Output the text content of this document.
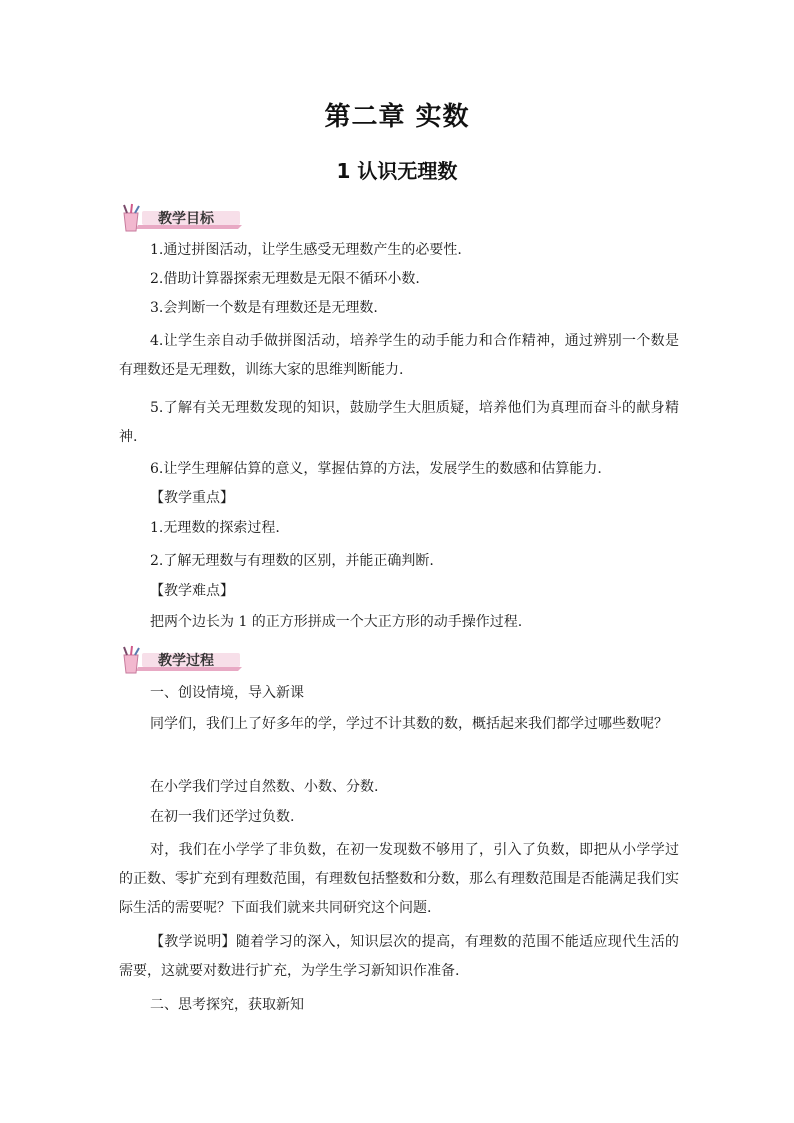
第二章 实数
1 认识无理数
教学目标
1.通过拼图活动，让学生感受无理数产生的必要性.
2.借助计算器探索无理数是无限不循环小数.
3.会判断一个数是有理数还是无理数.
4.让学生亲自动手做拼图活动，培养学生的动手能力和合作精神，通过辨别一个数是有理数还是无理数，训练大家的思维判断能力.
5.了解有关无理数发现的知识，鼓励学生大胆质疑，培养他们为真理而奋斗的献身精神.
6.让学生理解估算的意义，掌握估算的方法，发展学生的数感和估算能力.
【教学重点】
1.无理数的探索过程.
2.了解无理数与有理数的区别，并能正确判断.
【教学难点】
把两个边长为 1 的正方形拼成一个大正方形的动手操作过程.
教学过程
一、创设情境，导入新课
同学们，我们上了好多年的学，学过不计其数的数，概括起来我们都学过哪些数呢？
在小学我们学过自然数、小数、分数.
在初一我们还学过负数.
对，我们在小学学了非负数，在初一发现数不够用了，引入了负数，即把从小学学过的正数、零扩充到有理数范围，有理数包括整数和分数，那么有理数范围是否能满足我们实际生活的需要呢？下面我们就来共同研究这个问题.
【教学说明】随着学习的深入，知识层次的提高，有理数的范围不能适应现代生活的需要，这就要对数进行扩充，为学生学习新知识作准备.
二、思考探究，获取新知
